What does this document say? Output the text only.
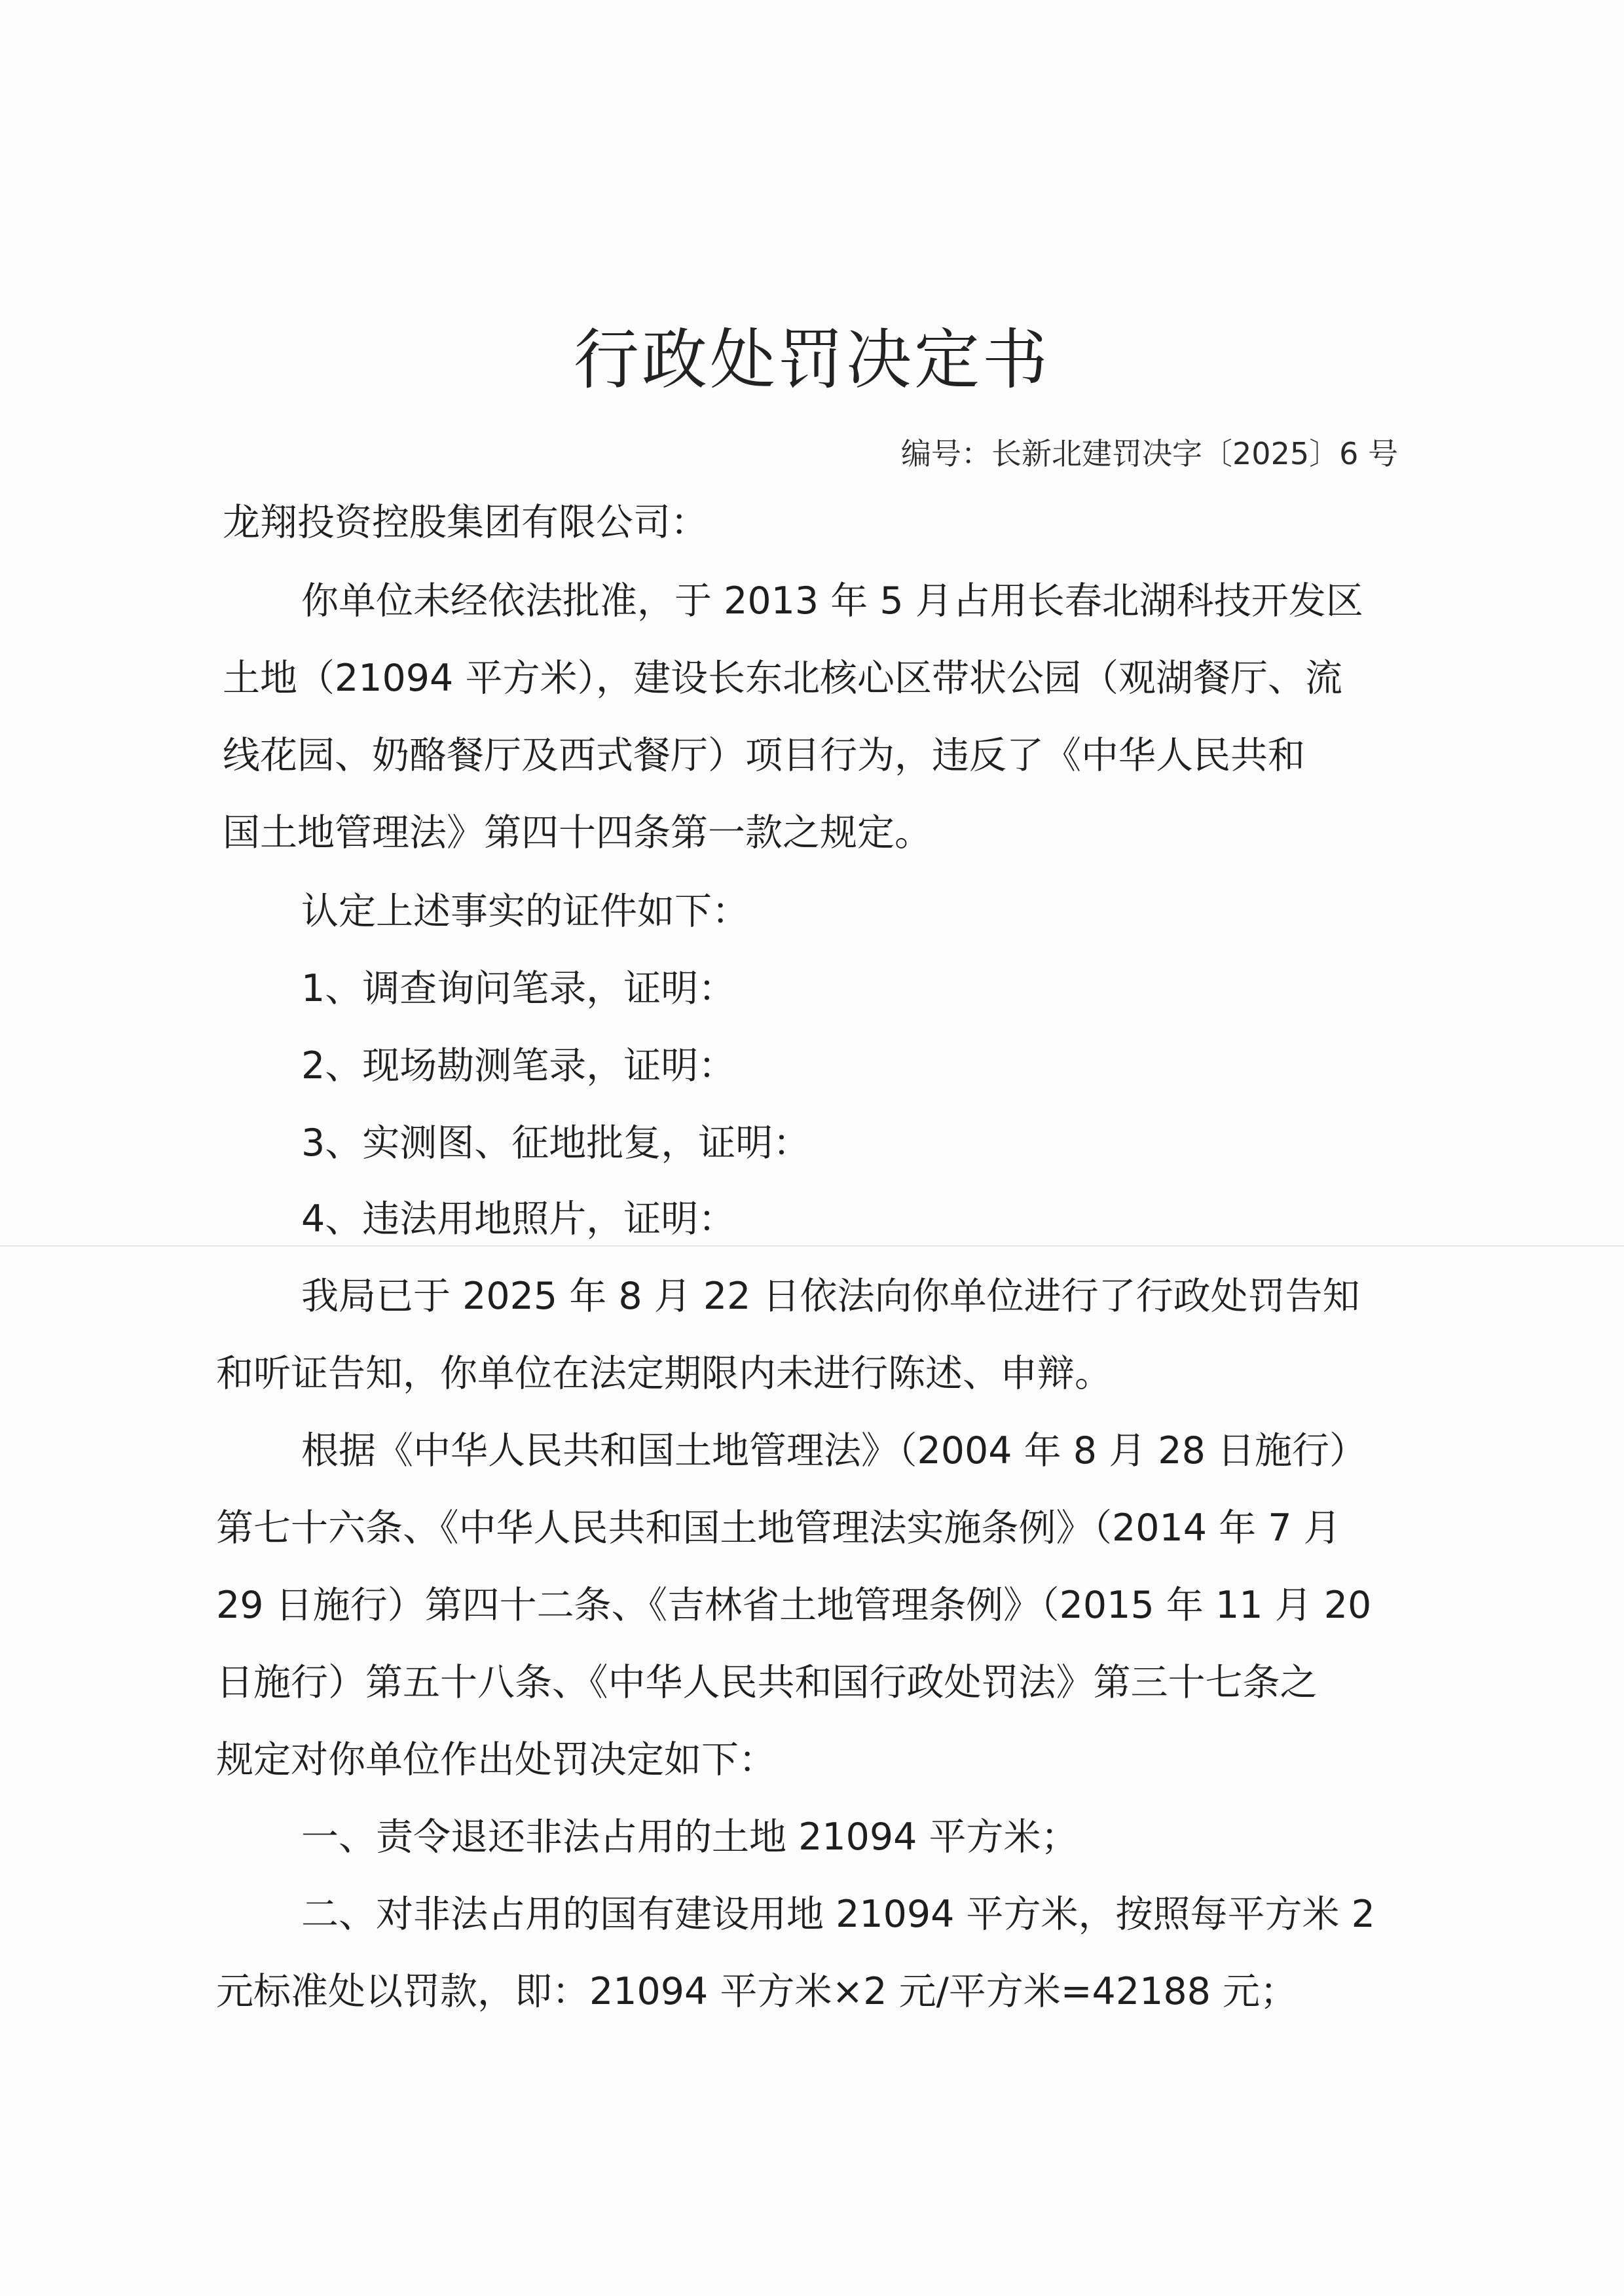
行政处罚决定书
编号：长新北建罚决字〔2025〕6 号
龙翔投资控股集团有限公司：
你单位未经依法批准，于 2013 年 5 月占用长春北湖科技开发区
土地（21094 平方米），建设长东北核心区带状公园（观湖餐厅、流
线花园、奶酪餐厅及西式餐厅）项目行为，违反了《中华人民共和
国土地管理法》第四十四条第一款之规定。
认定上述事实的证件如下：
1、调查询问笔录，证明：
2、现场勘测笔录，证明：
3、实测图、征地批复，证明：
4、违法用地照片，证明：
我局已于 2025 年 8 月 22 日依法向你单位进行了行政处罚告知
和听证告知，你单位在法定期限内未进行陈述、申辩。
根据《中华人民共和国土地管理法》（2004 年 8 月 28 日施行）
第七十六条、《中华人民共和国土地管理法实施条例》（2014 年 7 月
29 日施行）第四十二条、《吉林省土地管理条例》（2015 年 11 月 20
日施行）第五十八条、《中华人民共和国行政处罚法》第三十七条之
规定对你单位作出处罚决定如下：
一、责令退还非法占用的土地 21094 平方米；
二、对非法占用的国有建设用地 21094 平方米，按照每平方米 2
元标准处以罚款，即：21094 平方米×2 元/平方米=42188 元；
